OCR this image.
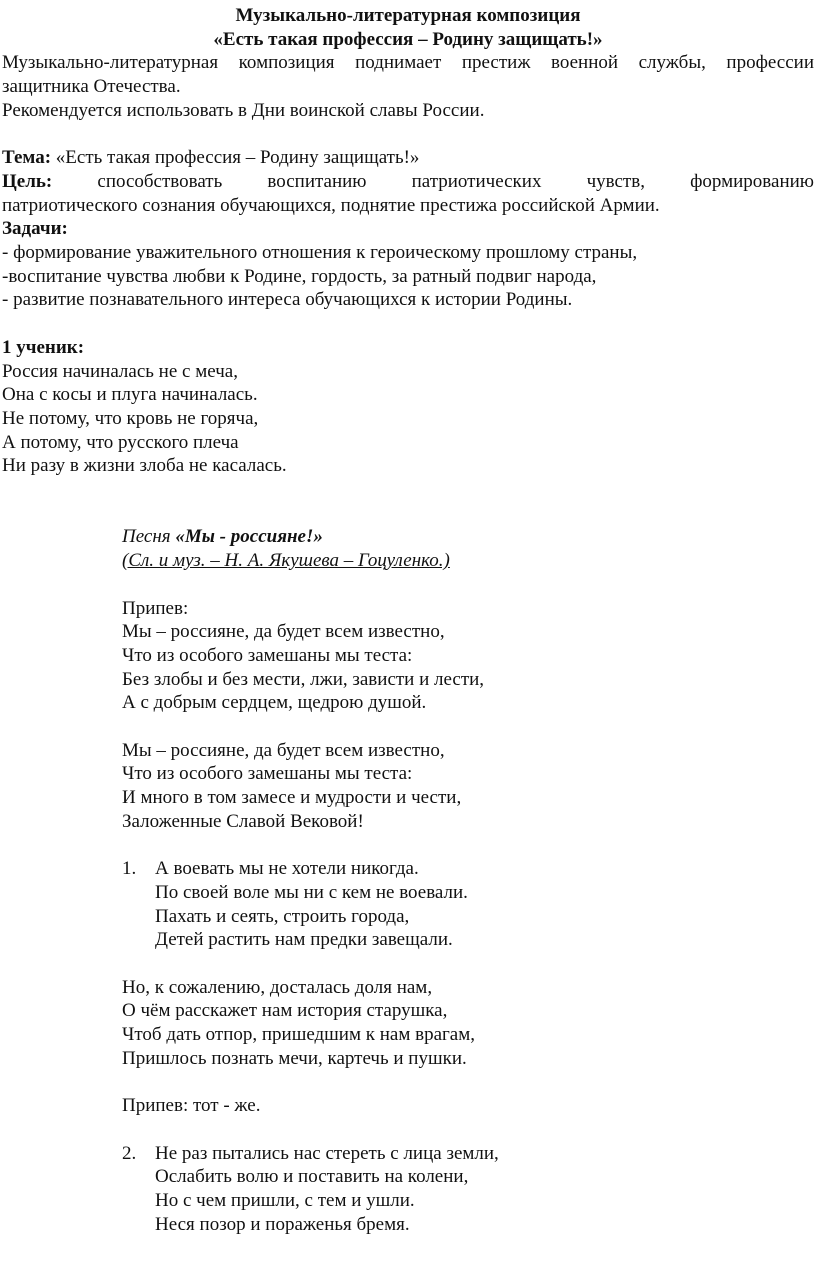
Музыкально-литературная композиция

«Есть такая профессия – Родину защищать!»

Музыкально-литературная композиция поднимает престиж военной службы, профессии
защитника Отечества.
Рекомендуется использовать в Дни воинской славы России.
Тема: «Есть такая профессия – Родину защищать!»
Цель: способствовать воспитанию патриотических чувств, формированию
патриотического сознания обучающихся, поднятие престижа российской Армии.
Задачи:
- формирование уважительного отношения к героическому прошлому страны,
-воспитание чувства любви к Родине, гордость, за ратный подвиг народа,
- развитие познавательного интереса обучающихся к истории Родины.
1 ученик:
Россия начиналась не с меча,
Она с косы и плуга начиналась.
Не потому, что кровь не горяча,
А потому, что русского плеча
Ни разу в жизни злоба не касалась.
Песня «Мы - россияне!»
(Сл. и муз. – Н. А. Якушева – Гоцуленко.)
Припев:
Мы – россияне, да будет всем известно,
Что из особого замешаны мы теста:
Без злобы и без мести, лжи, зависти и лести,
А с добрым сердцем, щедрою душой.
Мы – россияне, да будет всем известно,
Что из особого замешаны мы теста:
И много в том замесе и мудрости и чести,
Заложенные Славой Вековой!
1. А воевать мы не хотели никогда.
По своей воле мы ни с кем не воевали.
Пахать и сеять, строить города,
Детей растить нам предки завещали.
Но, к сожалению, досталась доля нам,
О чём расскажет нам история старушка,
Чтоб дать отпор, пришедшим к нам врагам,
Пришлось познать мечи, картечь и пушки.
Припев: тот - же.
2. Не раз пытались нас стереть с лица земли,
Ослабить волю и поставить на колени,
Но с чем пришли, с тем и ушли.
Неся позор и пораженья бремя.
